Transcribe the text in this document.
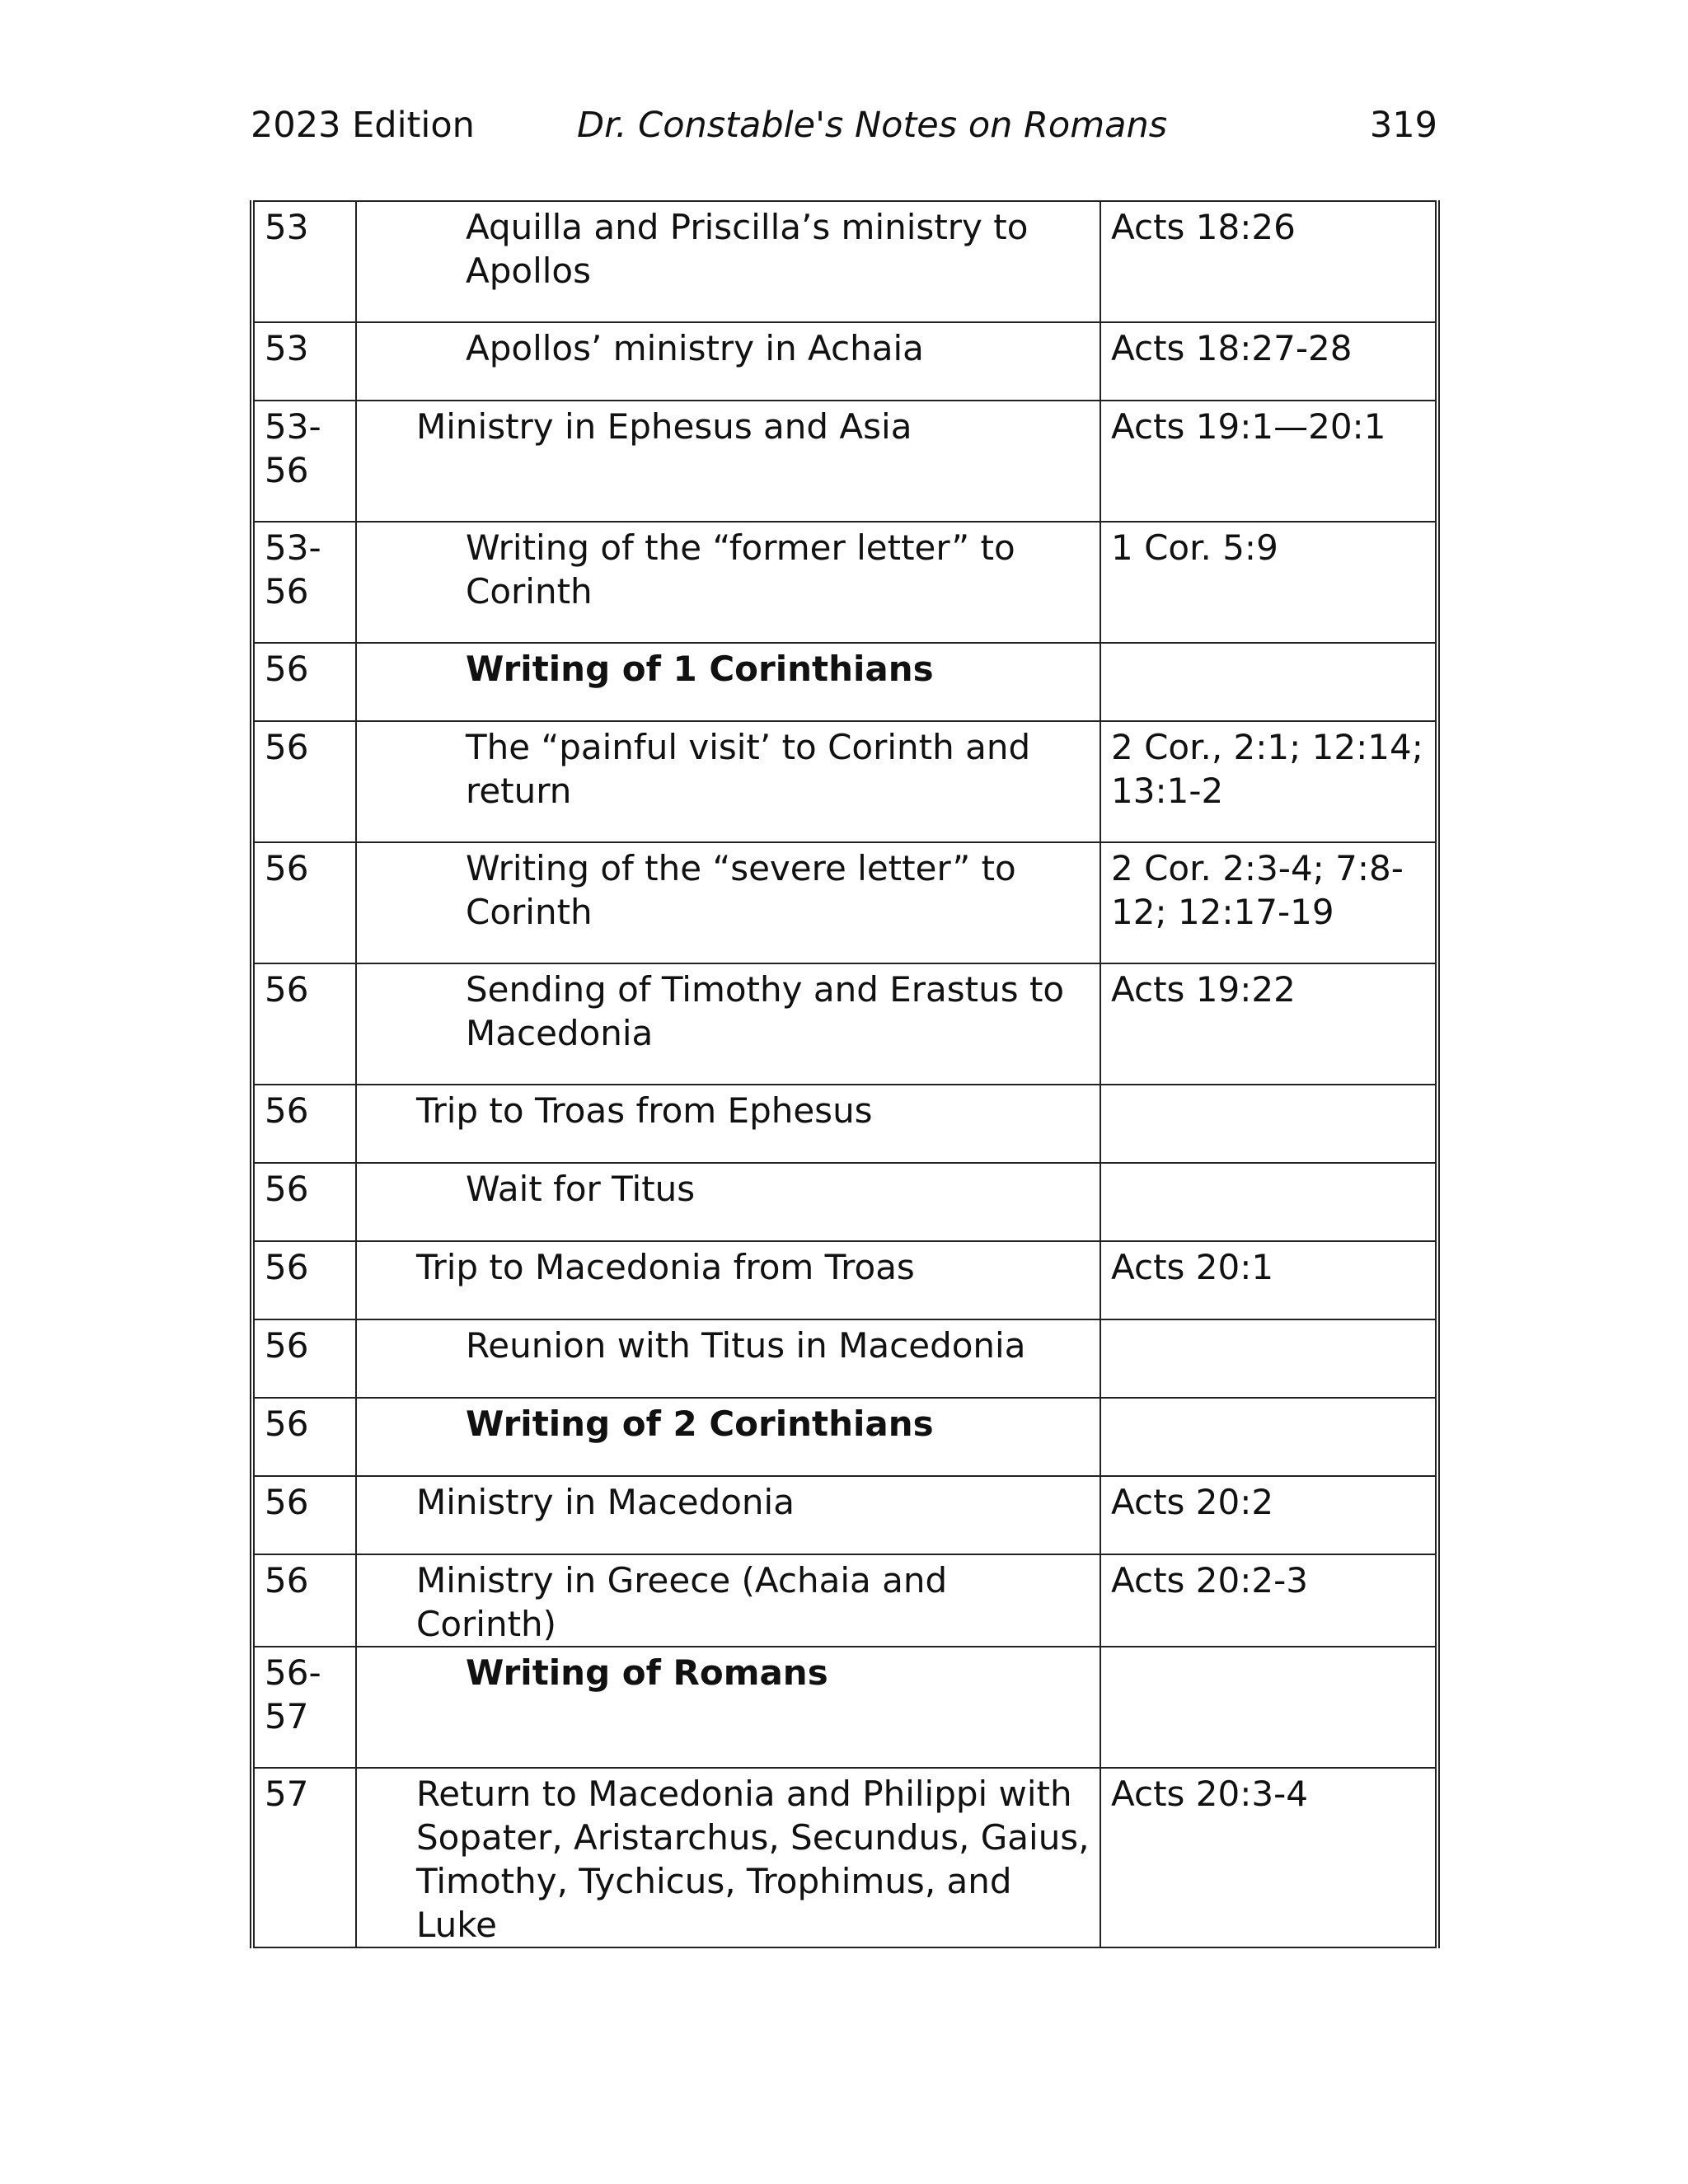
2023 Edition	Dr. Constable's Notes on Romans	319
53	Aquilla and Priscilla’s ministry to Apollos	Acts 18:26
53	Apollos’ ministry in Achaia	Acts 18:27-28
53-56	Ministry in Ephesus and Asia	Acts 19:1—20:1
53-56	Writing of the “former letter” to Corinth	1 Cor. 5:9
56	Writing of 1 Corinthians	
56	The “painful visit’ to Corinth and return	2 Cor., 2:1; 12:14; 13:1-2
56	Writing of the “severe letter” to Corinth	2 Cor. 2:3-4; 7:8-12; 12:17-19
56	Sending of Timothy and Erastus to Macedonia	Acts 19:22
56	Trip to Troas from Ephesus	
56	Wait for Titus	
56	Trip to Macedonia from Troas	Acts 20:1
56	Reunion with Titus in Macedonia	
56	Writing of 2 Corinthians	
56	Ministry in Macedonia	Acts 20:2
56	Ministry in Greece (Achaia and Corinth)	Acts 20:2-3
56-57	Writing of Romans	
57	Return to Macedonia and Philippi with Sopater, Aristarchus, Secundus, Gaius, Timothy, Tychicus, Trophimus, and Luke	Acts 20:3-4
